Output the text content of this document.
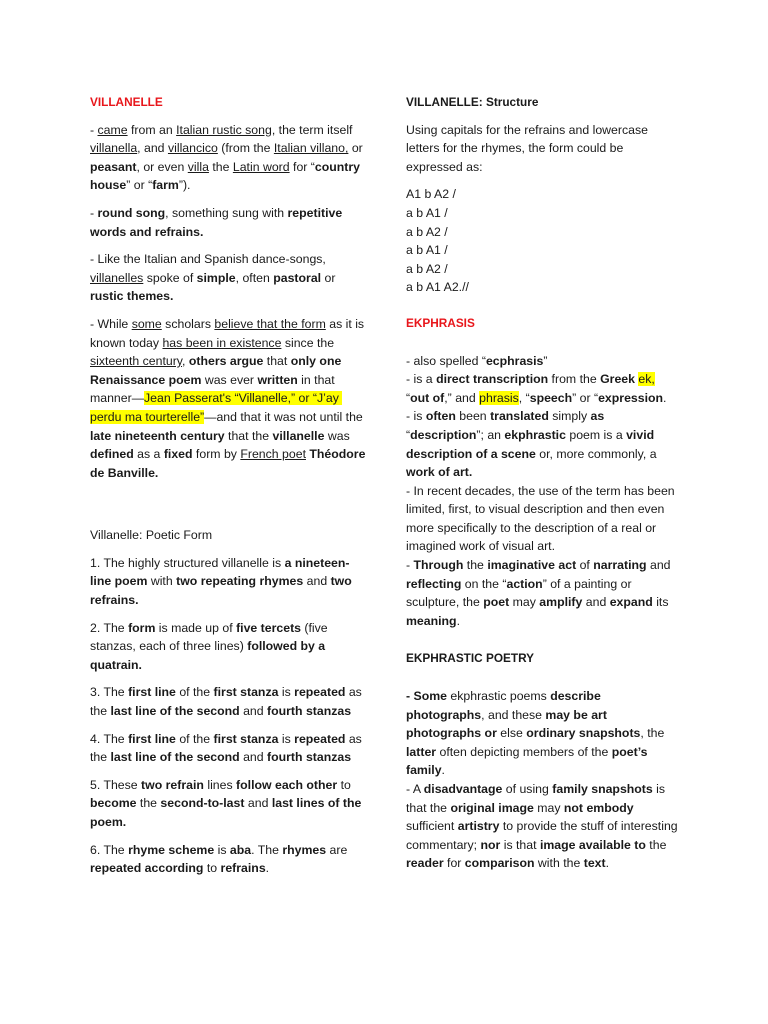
VILLANELLE

- came from an Italian rustic song, the term itself villanella, and villancico (from the Italian villano, or peasant, or even villa the Latin word for “country house” or “farm”).

- round song, something sung with repetitive words and refrains.

- Like the Italian and Spanish dance-songs, villanelles spoke of simple, often pastoral or rustic themes.

- While some scholars believe that the form as it is known today has been in existence since the sixteenth century, others argue that only one Renaissance poem was ever written in that manner—Jean Passerat's “Villanelle,” or “J’ay perdu ma tourterelle”—and that it was not until the late nineteenth century that the villanelle was defined as a fixed form by French poet Théodore de Banville.

Villanelle: Poetic Form

1. The highly structured villanelle is a nineteen-line poem with two repeating rhymes and two refrains.

2. The form is made up of five tercets (five stanzas, each of three lines) followed by a quatrain.

3. The first line of the first stanza is repeated as the last line of the second and fourth stanzas

4. The first line of the first stanza is repeated as the last line of the second and fourth stanzas

5. These two refrain lines follow each other to become the second-to-last and last lines of the poem.

6. The rhyme scheme is aba. The rhymes are repeated according to refrains.

VILLANELLE: Structure

Using capitals for the refrains and lowercase letters for the rhymes, the form could be expressed as:

A1 b A2 /

a b A1 /

a b A2 /

a b A1 /

a b A2 /

a b A1 A2.//

EKPHRASIS

- also spelled “ecphrasis”
- is a direct transcription from the Greek ek, “out of,” and phrasis, “speech” or “expression.
- is often been translated simply as “description”; an ekphrastic poem is a vivid description of a scene or, more commonly, a work of art.
- In recent decades, the use of the term has been limited, first, to visual description and then even more specifically to the description of a real or imagined work of visual art.
- Through the imaginative act of narrating and reflecting on the “action” of a painting or sculpture, the poet may amplify and expand its meaning.

EKPHRASTIC POETRY

- Some ekphrastic poems describe photographs, and these may be art photographs or else ordinary snapshots, the latter often depicting members of the poet’s family.
- A disadvantage of using family snapshots is that the original image may not embody sufficient artistry to provide the stuff of interesting commentary; nor is that image available to the reader for comparison with the text.
